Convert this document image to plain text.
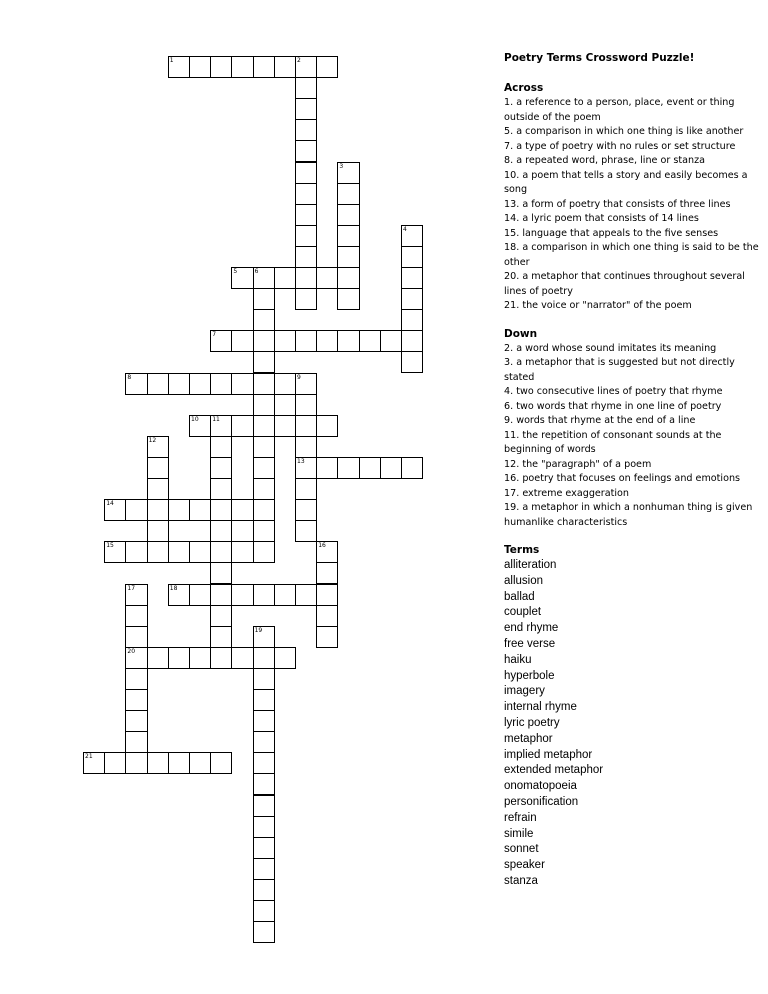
1	2
3
4
5	6
7
8	9
10 11
12
13
14
15	16
17	18
19
20
21
Poetry Terms Crossword Puzzle!
Across
1. a reference to a person, place, event or thing outside of the poem
5. a comparison in which one thing is like another
7. a type of poetry with no rules or set structure
8. a repeated word, phrase, line or stanza
10. a poem that tells a story and easily becomes a song
13. a form of poetry that consists of three lines
14. a lyric poem that consists of 14 lines
15. language that appeals to the five senses
18. a comparison in which one thing is said to be the other
20. a metaphor that continues throughout several lines of poetry
21. the voice or "narrator" of the poem
Down
2. a word whose sound imitates its meaning
3. a metaphor that is suggested but not directly stated
4. two consecutive lines of poetry that rhyme
6. two words that rhyme in one line of poetry
9. words that rhyme at the end of a line
11. the repetition of consonant sounds at the beginning of words
12. the "paragraph" of a poem
16. poetry that focuses on feelings and emotions
17. extreme exaggeration
19. a metaphor in which a nonhuman thing is given humanlike characteristics
Terms
alliteration
allusion
ballad
couplet
end rhyme
free verse
haiku
hyperbole
imagery
internal rhyme
lyric poetry
metaphor
implied metaphor
extended metaphor
onomatopoeia
personification
refrain
simile
sonnet
speaker
stanza
